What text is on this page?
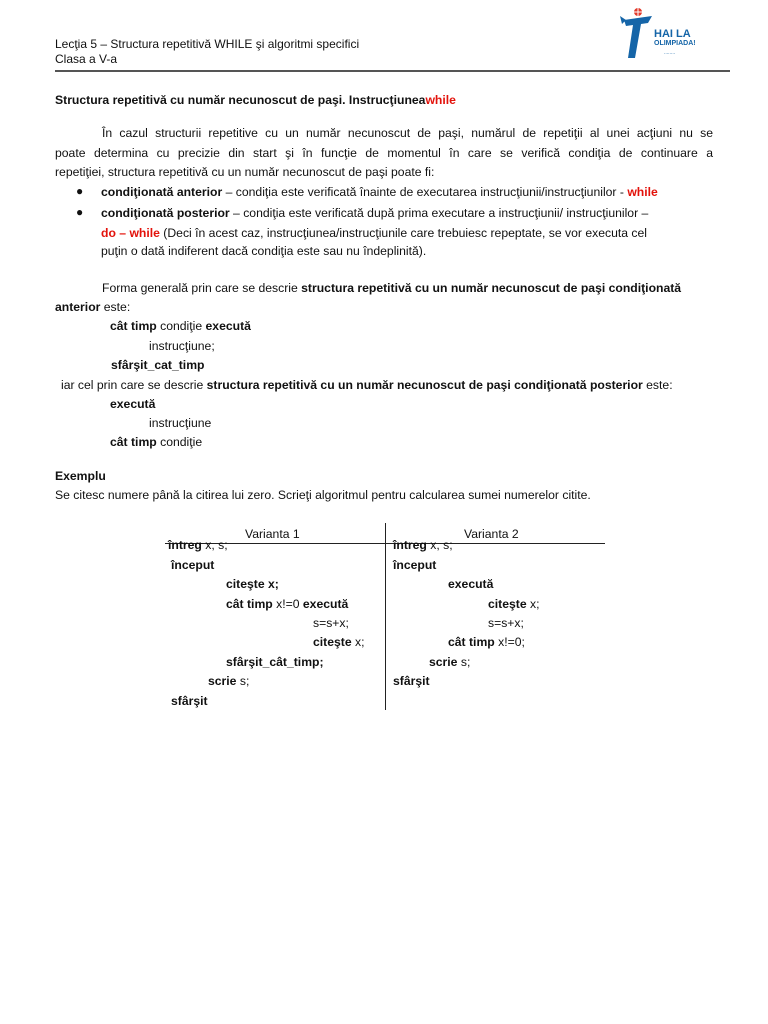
Lecţia 5 – Structura repetitivă WHILE şi algoritmi specifici
Clasa a V-a
HAI LA
OLIMPIADA!
........
Structura repetitivă cu număr necunoscut de paşi. Instrucţiuneawhile
În cazul structurii repetitive cu un număr necunoscut de paşi, numărul de repetiţii al unei acţiuni nu se
poate determina cu precizie din start şi în funcţie de momentul în care se verifică condiţia de continuare a
repetiţiei, structura repetitivă cu un număr necunoscut de paşi poate fi:
● condiţionată anterior – condiţia este verificată înainte de executarea instrucţiunii/instrucţiunilor - while
● condiţionată posterior – condiţia este verificată după prima executare a instrucţiunii/ instrucţiunilor –
do – while (Deci în acest caz, instrucţiunea/instrucţiunile care trebuiesc repeptate, se vor executa cel
puţin o dată indiferent dacă condiţia este sau nu îndeplinită).
Forma generală prin care se descrie structura repetitivă cu un număr necunoscut de paşi condiţionată
anterior este:
cât timp condiţie execută
instrucţiune;
sfârşit_cat_timp
iar cel prin care se descrie structura repetitivă cu un număr necunoscut de paşi condiţionată posterior este:
execută
instrucţiune
cât timp condiţie
Exemplu
Se citesc numere până la citirea lui zero. Scrieţi algoritmul pentru calcularea sumei numerelor citite.
Varianta 1	Varianta 2
întreg x, s;
început
citeşte x;
cât timp x!=0 execută
s=s+x;
citeşte x;
sfârşit_cât_timp;
scrie s;
sfârşit
întreg x, s;
început
execută
citeşte x;
s=s+x;
cât timp x!=0;
scrie s;
sfârşit
